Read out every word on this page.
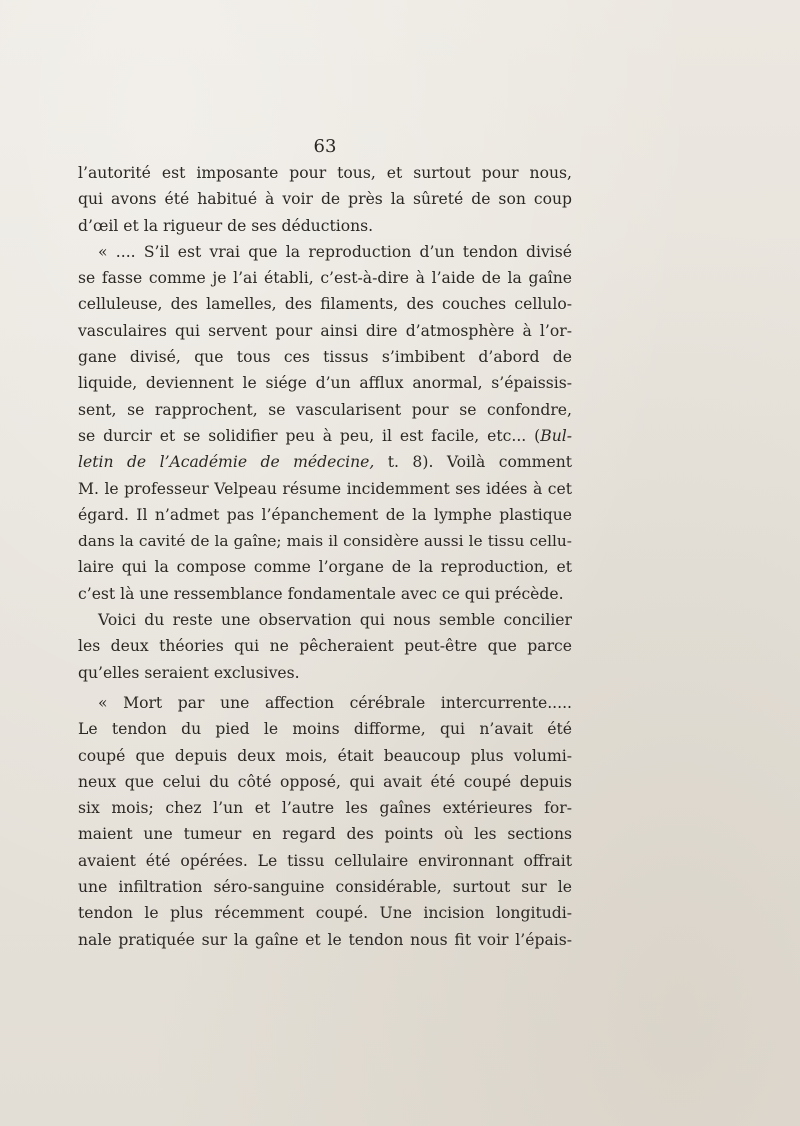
63
l’autorité est imposante pour tous, et surtout pour nous,
qui avons été habitué à voir de près la sûreté de son coup
d’œil et la rigueur de ses déductions.
« .... S’il est vrai que la reproduction d’un tendon divisé
se fasse comme je l’ai établi, c’est-à-dire à l’aide de la gaîne
celluleuse, des lamelles, des filaments, des couches cellulo-
vasculaires qui servent pour ainsi dire d’atmosphère à l’or-
gane divisé, que tous ces tissus s’imbibent d’abord de
liquide, deviennent le siége d’un afflux anormal, s’épaissis-
sent, se rapprochent, se vascularisent pour se confondre,
se durcir et se solidifier peu à peu, il est facile, etc... (Bul-
letin de l’Académie de médecine, t. 8). Voilà comment
M. le professeur Velpeau résume incidemment ses idées à cet
égard. Il n’admet pas l’épanchement de la lymphe plastique
dans la cavité de la gaîne; mais il considère aussi le tissu cellu-
laire qui la compose comme l’organe de la reproduction, et
c’est là une ressemblance fondamentale avec ce qui précède.
Voici du reste une observation qui nous semble concilier
les deux théories qui ne pêcheraient peut-être que parce
qu’elles seraient exclusives.
« Mort par une affection cérébrale intercurrente.....
Le tendon du pied le moins difforme, qui n’avait été
coupé que depuis deux mois, était beaucoup plus volumi-
neux que celui du côté opposé, qui avait été coupé depuis
six mois; chez l’un et l’autre les gaînes extérieures for-
maient une tumeur en regard des points où les sections
avaient été opérées. Le tissu cellulaire environnant offrait
une infiltration séro-sanguine considérable, surtout sur le
tendon le plus récemment coupé. Une incision longitudi-
nale pratiquée sur la gaîne et le tendon nous fit voir l’épais-
